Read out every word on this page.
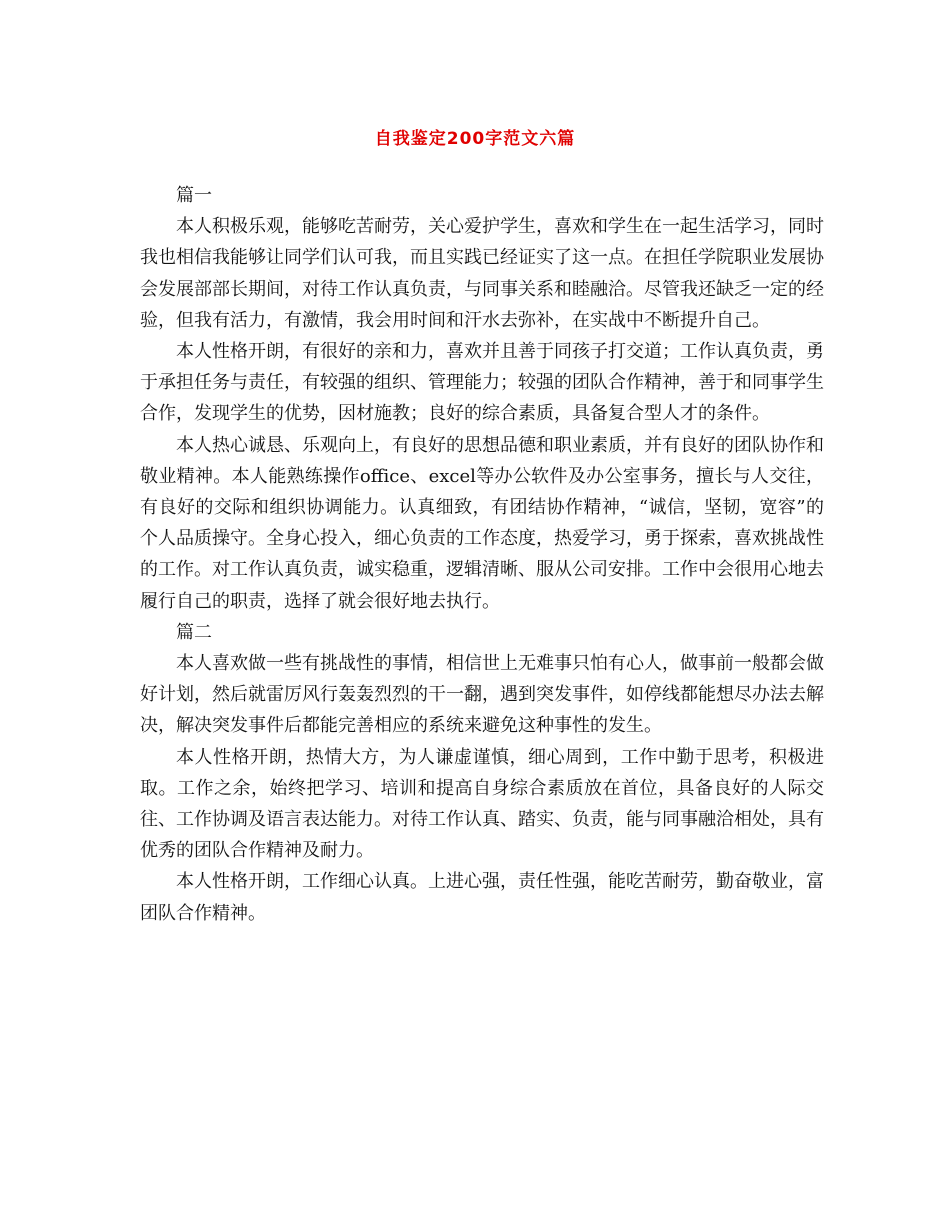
自我鉴定200字范文六篇

篇一

本人积极乐观，能够吃苦耐劳，关心爱护学生，喜欢和学生在一起生活学习，同时我也相信我能够让同学们认可我，而且实践已经证实了这一点。在担任学院职业发展协会发展部部长期间，对待工作认真负责，与同事关系和睦融洽。尽管我还缺乏一定的经验，但我有活力，有激情，我会用时间和汗水去弥补，在实战中不断提升自己。

本人性格开朗，有很好的亲和力，喜欢并且善于同孩子打交道；工作认真负责，勇于承担任务与责任，有较强的组织、管理能力；较强的团队合作精神，善于和同事学生合作，发现学生的优势，因材施教；良好的综合素质，具备复合型人才的条件。

本人热心诚恳、乐观向上，有良好的思想品德和职业素质，并有良好的团队协作和敬业精神。本人能熟练操作office、excel等办公软件及办公室事务，擅长与人交往，有良好的交际和组织协调能力。认真细致，有团结协作精神，“诚信，坚韧，宽容”的个人品质操守。全身心投入，细心负责的工作态度，热爱学习，勇于探索，喜欢挑战性的工作。对工作认真负责，诚实稳重，逻辑清晰、服从公司安排。工作中会很用心地去履行自己的职责，选择了就会很好地去执行。

篇二

本人喜欢做一些有挑战性的事情，相信世上无难事只怕有心人，做事前一般都会做好计划，然后就雷厉风行轰轰烈烈的干一翻，遇到突发事件，如停线都能想尽办法去解决，解决突发事件后都能完善相应的系统来避免这种事性的发生。

本人性格开朗，热情大方，为人谦虚谨慎，细心周到，工作中勤于思考，积极进取。工作之余，始终把学习、培训和提高自身综合素质放在首位，具备良好的人际交往、工作协调及语言表达能力。对待工作认真、踏实、负责，能与同事融洽相处，具有优秀的团队合作精神及耐力。

本人性格开朗，工作细心认真。上进心强，责任性强，能吃苦耐劳，勤奋敬业，富团队合作精神。
